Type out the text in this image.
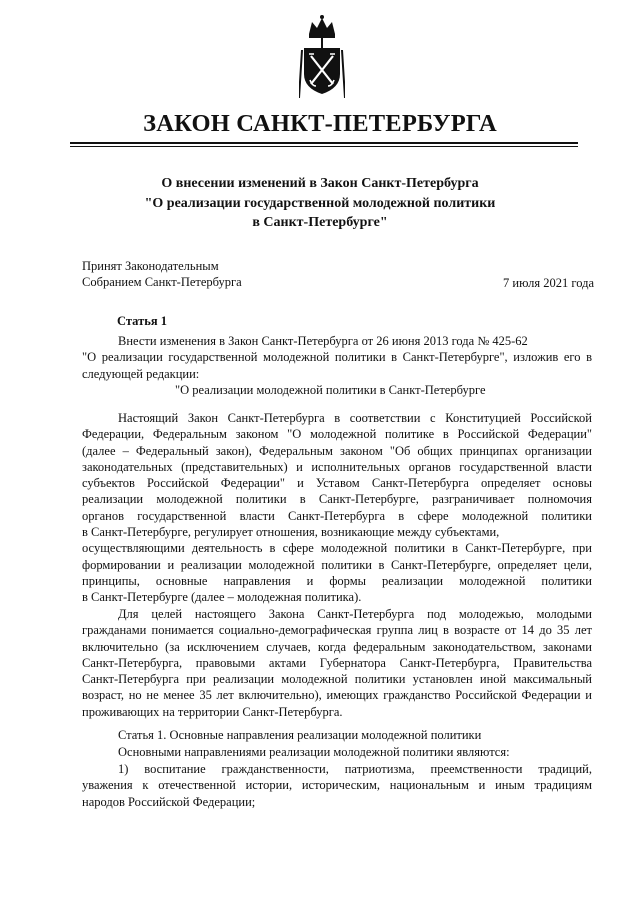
ЗАКОН САНКТ-ПЕТЕРБУРГА
О внесении изменений в Закон Санкт-Петербурга
"О реализации государственной молодежной политики
в Санкт-Петербурге"
Принят Законодательным
Собранием Санкт-Петербурга	7 июля 2021 года
Статья 1
Внести изменения в Закон Санкт-Петербурга от 26 июня 2013 года № 425-62
"О реализации государственной молодежной политики в Санкт-Петербурге", изложив его в
следующей редакции:
"О реализации молодежной политики в Санкт-Петербурге
Настоящий Закон Санкт-Петербурга в соответствии с Конституцией Российской
Федерации, Федеральным законом "О молодежной политике в Российской Федерации"
(далее – Федеральный закон), Федеральным законом "Об общих принципах организации
законодательных (представительных) и исполнительных органов государственной власти
субъектов Российской Федерации" и Уставом Санкт-Петербурга определяет основы
реализации молодежной политики в Санкт-Петербурге, разграничивает полномочия
органов государственной власти Санкт-Петербурга в сфере молодежной политики
в Санкт-Петербурге, регулирует отношения, возникающие между субъектами,
осуществляющими деятельность в сфере молодежной политики в Санкт-Петербурге, при
формировании и реализации молодежной политики в Санкт-Петербурге, определяет цели,
принципы, основные направления и формы реализации молодежной политики
в Санкт-Петербурге (далее – молодежная политика).
Для целей настоящего Закона Санкт-Петербурга под молодежью, молодыми
гражданами понимается социально-демографическая группа лиц в возрасте от 14 до 35 лет
включительно (за исключением случаев, когда федеральным законодательством, законами
Санкт-Петербурга, правовыми актами Губернатора Санкт-Петербурга, Правительства
Санкт-Петербурга при реализации молодежной политики установлен иной максимальный
возраст, но не менее 35 лет включительно), имеющих гражданство Российской Федерации и
проживающих на территории Санкт-Петербурга.
Статья 1. Основные направления реализации молодежной политики
Основными направлениями реализации молодежной политики являются:
1) воспитание гражданственности, патриотизма, преемственности традиций,
уважения к отечественной истории, историческим, национальным и иным традициям
народов Российской Федерации;
